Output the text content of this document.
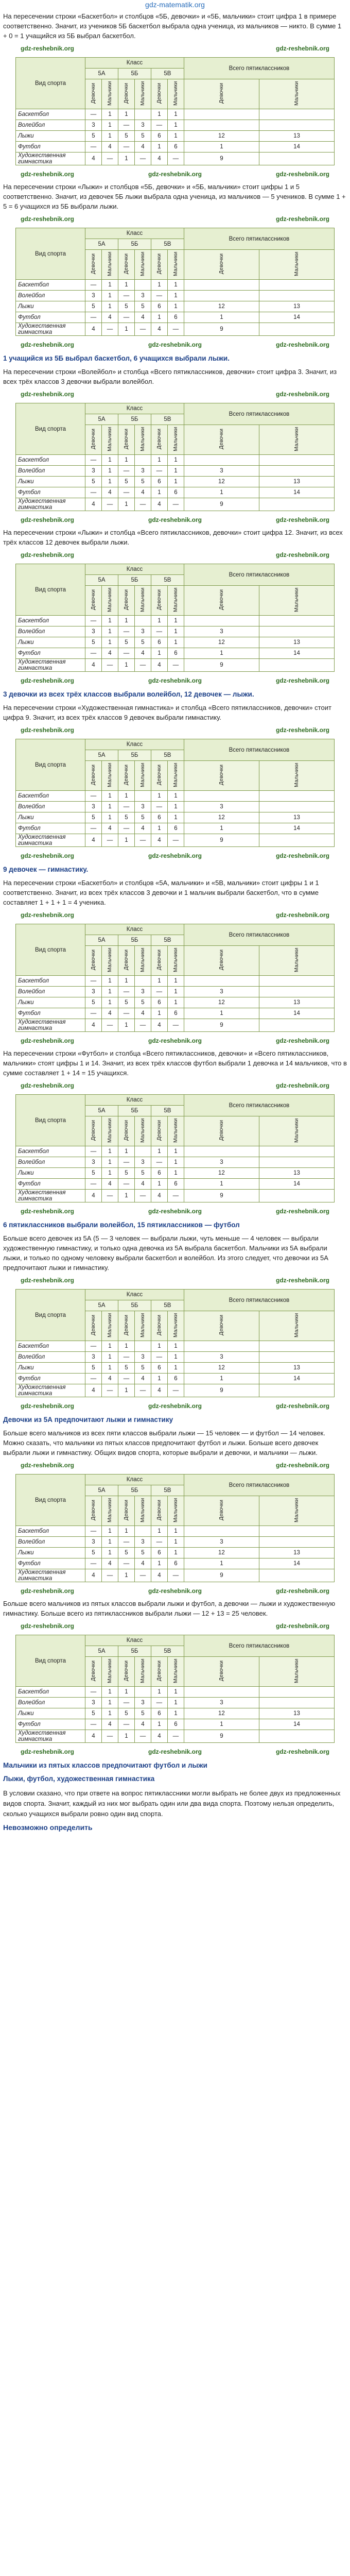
gdz-matematik.org
На пересечении строки «Баскетбол» и столбцов «5Б, девочки» и «5Б, мальчики» стоит цифра 1 в примере соответственно. Значит, из учеников 5Б баскетбол выбрала одна ученица, из мальчиков — никто. В сумме 1 + 0 = 1 учащийся из 5Б выбрал баскетбол.
gdz-reshebnik.org	gdz-reshebnik.org
Вид спорта	Класс						Всего пятиклассников	
	5А		5Б		5В			
	Девочки	Мальчики	Девочки	Мальчики	Девочки	Мальчики	Девочки	Мальчики
Баскетбол	—	1	1		1	1		
Волейбол	3	1	—	3	—	1		
Лыжи	5	1	5	5	6	1	12	13
Футбол	—	4	—	4	1	6	1	14
Художественная гимнастика	4	—	1	—	4	—	9	
gdz-reshebnik.org	gdz-reshebnik.org	gdz-reshebnik.org
На пересечении строки «Лыжи» и столбцов «5Б, девочки» и «5Б, мальчики» стоит цифры 1 и 5 соответственно. Значит, из девочек 5Б лыжи выбрала одна ученица, из мальчиков — 5 учеников. В сумме 1 + 5 = 6 учащихся из 5Б выбрали лыжи.
gdz-reshebnik.org	gdz-reshebnik.org
Вид спорта	Класс						Всего пятиклассников	
	5А		5Б		5В			
	Девочки	Мальчики	Девочки	Мальчики	Девочки	Мальчики	Девочки	Мальчики
Баскетбол	—	1	1		1	1		
Волейбол	3	1	—	3	—	1		
Лыжи	5	1	5	5	6	1	12	13
Футбол	—	4	—	4	1	6	1	14
Художественная гимнастика	4	—	1	—	4	—	9	
gdz-reshebnik.org	gdz-reshebnik.org	gdz-reshebnik.org
1 учащийся из 5Б выбрал баскетбол, 6 учащихся выбрали лыжи.
На пересечении строки «Волейбол» и столбца «Всего пятиклассников, девочки» стоит цифра 3. Значит, из всех трёх классов 3 девочки выбрали волейбол.
gdz-reshebnik.org	gdz-reshebnik.org
Вид спорта	Класс						Всего пятиклассников	
	5А		5Б		5В			
	Девочки	Мальчики	Девочки	Мальчики	Девочки	Мальчики	Девочки	Мальчики
Баскетбол	—	1	1		1	1		
Волейбол	3	1	—	3	—	1	3	
Лыжи	5	1	5	5	6	1	12	13
Футбол	—	4	—	4	1	6	1	14
Художественная гимнастика	4	—	1	—	4	—	9	
gdz-reshebnik.org	gdz-reshebnik.org	gdz-reshebnik.org
На пересечении строки «Лыжи» и столбца «Всего пятиклассников, девочки» стоит цифра 12. Значит, из всех трёх классов 12 девочек выбрали лыжи.
gdz-reshebnik.org	gdz-reshebnik.org
Вид спорта	Класс						Всего пятиклассников	
	5А		5Б		5В			
	Девочки	Мальчики	Девочки	Мальчики	Девочки	Мальчики	Девочки	Мальчики
Баскетбол	—	1	1		1	1		
Волейбол	3	1	—	3	—	1	3	
Лыжи	5	1	5	5	6	1	12	13
Футбол	—	4	—	4	1	6	1	14
Художественная гимнастика	4	—	1	—	4	—	9	
gdz-reshebnik.org	gdz-reshebnik.org	gdz-reshebnik.org
3 девочки из всех трёх классов выбрали волейбол, 12 девочек — лыжи.
На пересечении строки «Художественная гимнастика» и столбца «Всего пятиклассников, девочки» стоит цифра 9. Значит, из всех трёх классов 9 девочек выбрали гимнастику.
gdz-reshebnik.org	gdz-reshebnik.org
Вид спорта	Класс						Всего пятиклассников	
	5А		5Б		5В			
	Девочки	Мальчики	Девочки	Мальчики	Девочки	Мальчики	Девочки	Мальчики
Баскетбол	—	1	1		1	1		
Волейбол	3	1	—	3	—	1	3	
Лыжи	5	1	5	5	6	1	12	13
Футбол	—	4	—	4	1	6	1	14
Художественная гимнастика	4	—	1	—	4	—	9	
gdz-reshebnik.org	gdz-reshebnik.org	gdz-reshebnik.org
9 девочек — гимнастику.
На пересечении строки «Баскетбол» и столбцов «5А, мальчики» и «5В, мальчики» стоит цифры 1 и 1 соответственно. Значит, из всех трёх классов 3 девочки и 1 мальчик выбрали баскетбол, что в сумме составляет 1 + 1 + 1 = 4 ученика.
gdz-reshebnik.org	gdz-reshebnik.org
Вид спорта	Класс						Всего пятиклассников	
	5А		5Б		5В			
	Девочки	Мальчики	Девочки	Мальчики	Девочки	Мальчики	Девочки	Мальчики
Баскетбол	—	1	1		1	1		
Волейбол	3	1	—	3	—	1	3	
Лыжи	5	1	5	5	6	1	12	13
Футбол	—	4	—	4	1	6	1	14
Художественная гимнастика	4	—	1	—	4	—	9	
gdz-reshebnik.org	gdz-reshebnik.org	gdz-reshebnik.org
На пересечении строки «Футбол» и столбца «Всего пятиклассников, девочки» и «Всего пятиклассников, мальчики» стоят цифры 1 и 14. Значит, из всех трёх классов футбол выбрали 1 девочка и 14 мальчиков, что в сумме составляет 1 + 14 = 15 учащихся.
gdz-reshebnik.org	gdz-reshebnik.org
Вид спорта	Класс						Всего пятиклассников	
	5А		5Б		5В			
	Девочки	Мальчики	Девочки	Мальчики	Девочки	Мальчики	Девочки	Мальчики
Баскетбол	—	1	1		1	1		
Волейбол	3	1	—	3	—	1	3	
Лыжи	5	1	5	5	6	1	12	13
Футбол	—	4	—	4	1	6	1	14
Художественная гимнастика	4	—	1	—	4	—	9	
gdz-reshebnik.org	gdz-reshebnik.org	gdz-reshebnik.org
6 пятиклассников выбрали волейбол, 15 пятиклассников — футбол
Больше всего девочек из 5А (5 — 3 человек — выбрали лыжи, чуть меньше — 4 человек — выбрали художественную гимнастику, и только одна девочка из 5А выбрала баскетбол. Мальчики из 5А выбрали лыжи, и только по одному человеку выбрали баскетбол и волейбол. Из этого следует, что девочки из 5А предпочитают лыжи и гимнастику.
gdz-reshebnik.org	gdz-reshebnik.org
Вид спорта	Класс						Всего пятиклассников	
	5А		5Б		5В			
	Девочки	Мальчики	Девочки	Мальчики	Девочки	Мальчики	Девочки	Мальчики
Баскетбол	—	1	1		1	1		
Волейбол	3	1	—	3	—	1	3	
Лыжи	5	1	5	5	6	1	12	13
Футбол	—	4	—	4	1	6	1	14
Художественная гимнастика	4	—	1	—	4	—	9	
gdz-reshebnik.org	gdz-reshebnik.org	gdz-reshebnik.org
Девочки из 5А предпочитают лыжи и гимнастику
Больше всего мальчиков из всех пяти классов выбрали лыжи — 15 человек — и футбол — 14 человек. Можно сказать, что мальчики из пятых классов предпочитают футбол и лыжи. Больше всего девочек выбрали лыжи и гимнастику. Общих видов спорта, которые выбрали и девочки, и мальчики — лыжи.
gdz-reshebnik.org	gdz-reshebnik.org
Вид спорта	Класс						Всего пятиклассников	
	5А		5Б		5В			
	Девочки	Мальчики	Девочки	Мальчики	Девочки	Мальчики	Девочки	Мальчики
Баскетбол	—	1	1		1	1		
Волейбол	3	1	—	3	—	1	3	
Лыжи	5	1	5	5	6	1	12	13
Футбол	—	4	—	4	1	6	1	14
Художественная гимнастика	4	—	1	—	4	—	9	
gdz-reshebnik.org	gdz-reshebnik.org	gdz-reshebnik.org
Больше всего мальчиков из пятых классов выбрали лыжи и футбол, а девочки — лыжи и художественную гимнастику. Больше всего из пятиклассников выбрали лыжи — 12 + 13 = 25 человек.
gdz-reshebnik.org	gdz-reshebnik.org
Вид спорта	Класс						Всего пятиклассников	
	5А		5Б		5В			
	Девочки	Мальчики	Девочки	Мальчики	Девочки	Мальчики	Девочки	Мальчики
Баскетбол	—	1	1		1	1		
Волейбол	3	1	—	3	—	1	3	
Лыжи	5	1	5	5	6	1	12	13
Футбол	—	4	—	4	1	6	1	14
Художественная гимнастика	4	—	1	—	4	—	9	
gdz-reshebnik.org	gdz-reshebnik.org	gdz-reshebnik.org
Мальчики из пятых классов предпочитают футбол и лыжи
Лыжи, футбол, художественная гимнастика
В условии сказано, что при ответе на вопрос пятиклассники могли выбрать не более двух из предложенных видов спорта. Значит, каждый из них мог выбрать один или два вида спорта. Поэтому нельзя определить, сколько учащихся выбрали ровно один вид спорта.
Невозможно определить
